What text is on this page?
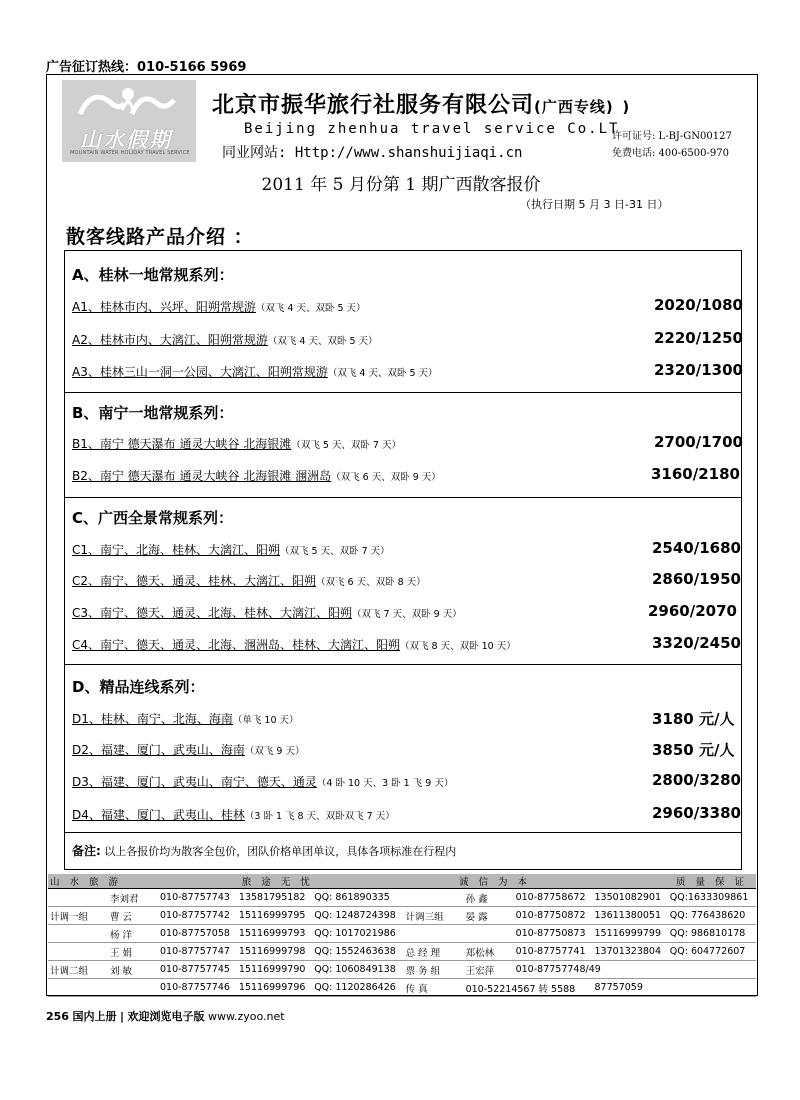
广告征订热线：010-5166 5969
山水假期
MOUNTAIN WATER HOLIDAY TRAVEL SERVICE
北京市振华旅行社服务有限公司(广西专线) )
Beijing zhenhua travel service Co.LT
同业网站: Http://www.shanshuijiaqi.cn
许可证号: L-BJ-GN00127
免费电话: 400-6500-970
2011 年 5 月份第 1 期广西散客报价
（执行日期 5 月 3 日-31 日）
散客线路产品介绍 ：
A、桂林一地常规系列：
A1、桂林市内、兴坪、阳朔常规游（双飞 4 天、双卧 5 天）	2020/1080
A2、桂林市内、大漓江、阳朔常规游（双飞 4 天、双卧 5 天）	2220/1250
A3、桂林三山一洞一公园、大漓江、阳朔常规游（双飞 4 天、双卧 5 天）	2320/1300
B、南宁一地常规系列：
B1、南宁 德天瀑布 通灵大峡谷 北海银滩（双飞 5 天、双卧 7 天）	2700/1700
B2、南宁 德天瀑布 通灵大峡谷 北海银滩 涠洲岛（双飞 6 天、双卧 9 天）	3160/2180
C、广西全景常规系列：
C1、南宁、北海、桂林、大漓江、阳朔（双飞 5 天、双卧 7 天）	2540/1680
C2、南宁、德天、通灵、桂林、大漓江、阳朔（双飞 6 天、双卧 8 天）	2860/1950
C3、南宁、德天、通灵、北海、桂林、大漓江、阳朔（双飞 7 天、双卧 9 天）	2960/2070
C4、南宁、德天、通灵、北海、涠洲岛、桂林、大漓江、阳朔（双飞 8 天、双卧 10 天）	3320/2450
D、精品连线系列：
D1、桂林、南宁、北海、海南（单飞 10 天）	3180 元/人
D2、福建、厦门、武夷山、海南（双飞 9 天）	3850 元/人
D3、福建、厦门、武夷山、南宁、德天、通灵（4 卧 10 天、3 卧 1 飞 9 天）	2800/3280
D4、福建、厦门、武夷山、桂林（3 卧 1 飞 8 天、双卧双飞 7 天）	2960/3380
备注: 以上各报价均为散客全包价，团队价格单团单议，具体各项标准在行程内
山水旅游		旅途无忧			诚信为本			质量保证	
	李刘君	010-87757743	13581795182	QQ: 861890335		孙 鑫	010-87758672	13501082901	QQ:1633309861
计调一组	曹 云	010-87757742	15116999795	QQ: 1248724398	计调三组	晏 露	010-87750872	13611380051	QQ: 776438620
	杨 洋	010-87757058	15116999793	QQ: 1017021986			010-87750873	15116999799	QQ: 986810178
	王 娟	010-87757747	15116999798	QQ: 1552463638	总 经 理	郑松林	010-87757741	13701323804	QQ: 604772607
计调二组	刘 敏	010-87757745	15116999790	QQ: 1060849138	票 务 组	王宏萍	010-87757748/49		
		010-87757746	15116999796	QQ: 1120286426	传 真	010-52214567 转 5588		87757059	
256 国内上册 | 欢迎浏览电子版 www.zyoo.net
